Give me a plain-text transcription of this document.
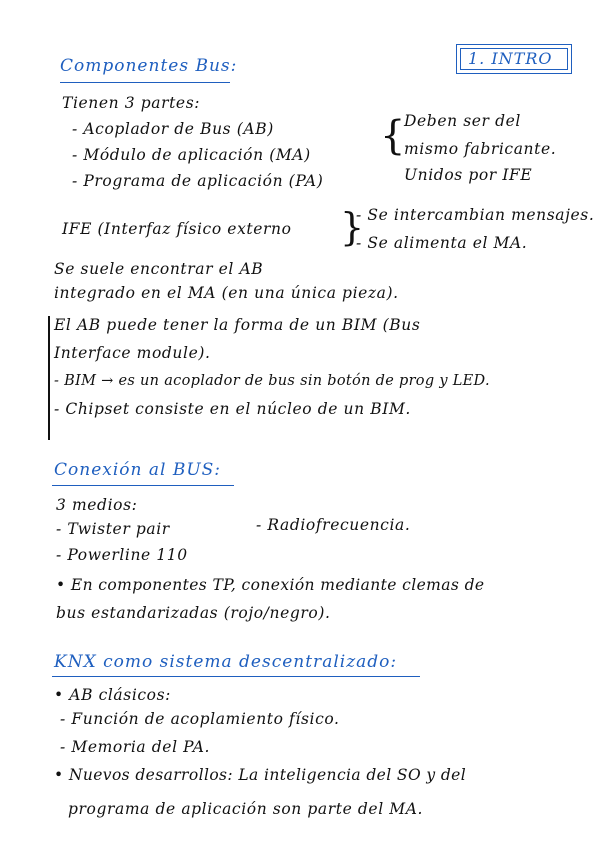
1. INTRO
Componentes Bus:
Tienen 3 partes:
- Acoplador de Bus (AB)
- Módulo de aplicación (MA)
- Programa de aplicación (PA)
{
Deben ser del
mismo fabricante.
Unidos por IFE
IFE (Interfaz físico externo }
- Se intercambian mensajes.
- Se alimenta el MA.
Se suele encontrar el AB
integrado en el MA (en una única pieza).
El AB puede tener la forma de un BIM (Bus
Interface module).
- BIM → es un acoplador de bus sin botón de prog y LED.
- Chipset consiste en el núcleo de un BIM.
Conexión al BUS:
3 medios:
- Twister pair	- Radiofrecuencia.
- Powerline 110
• En componentes TP, conexión mediante clemas de
bus estandarizadas (rojo/negro).
KNX como sistema descentralizado:
• AB clásicos:
- Función de acoplamiento físico.
- Memoria del PA.
• Nuevos desarrollos: La inteligencia del SO y del
programa de aplicación son parte del MA.
